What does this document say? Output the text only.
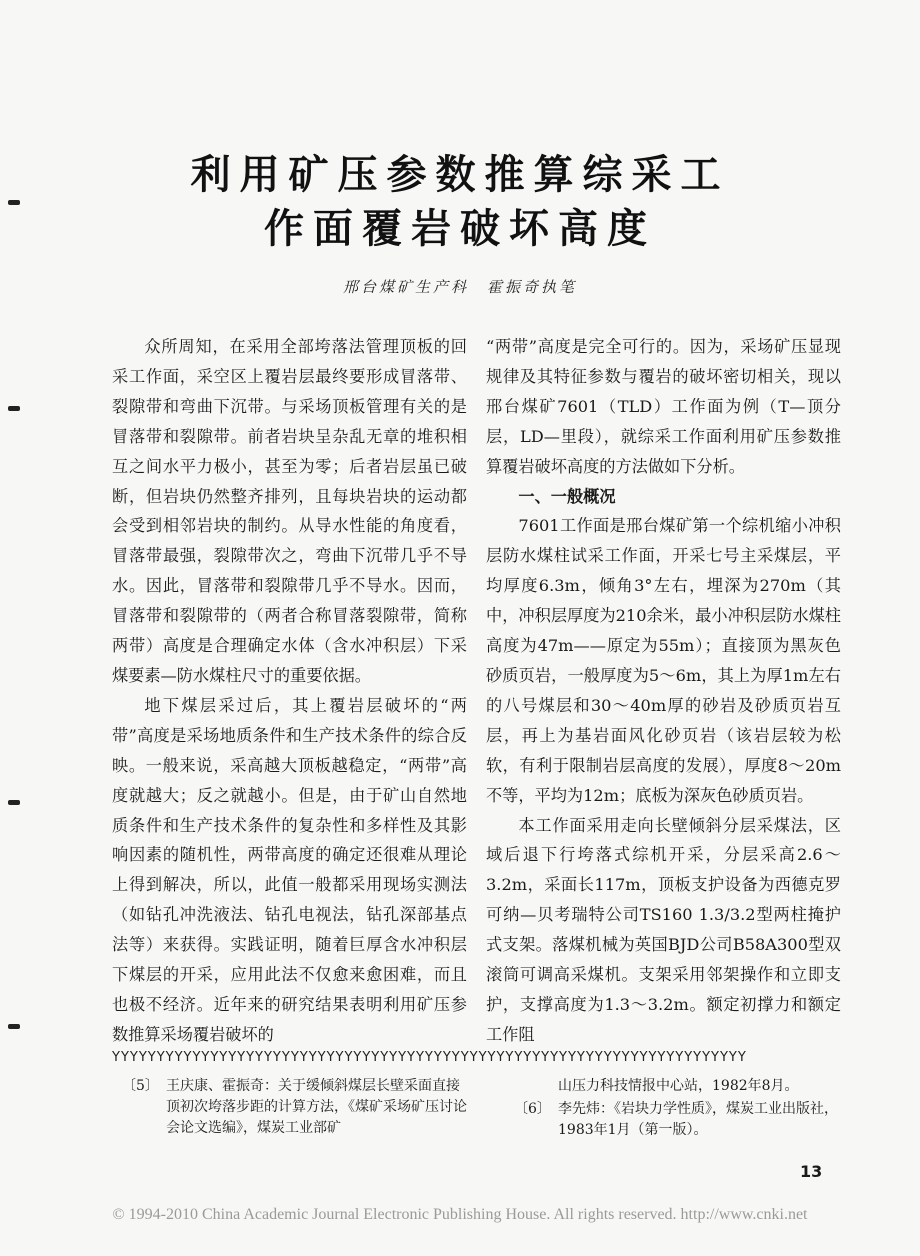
利用矿压参数推算综采工
作面覆岩破坏高度
邢台煤矿生产科　霍振奇执笔

众所周知，在采用全部垮落法管理顶板的回采工作面，采空区上覆岩层最终要形成冒落带、裂隙带和弯曲下沉带。与采场顶板管理有关的是冒落带和裂隙带。前者岩块呈杂乱无章的堆积相互之间水平力极小，甚至为零；后者岩层虽已破断，但岩块仍然整齐排列，且每块岩块的运动都会受到相邻岩块的制约。从导水性能的角度看，冒落带最强，裂隙带次之，弯曲下沉带几乎不导水。因此，冒落带和裂隙带几乎不导水。因而，冒落带和裂隙带的（两者合称冒落裂隙带，简称两带）高度是合理确定水体（含水冲积层）下采煤要素—防水煤柱尺寸的重要依据。

地下煤层采过后，其上覆岩层破坏的“两带”高度是采场地质条件和生产技术条件的综合反映。一般来说，采高越大顶板越稳定，“两带”高度就越大；反之就越小。但是，由于矿山自然地质条件和生产技术条件的复杂性和多样性及其影响因素的随机性，两带高度的确定还很难从理论上得到解决，所以，此值一般都采用现场实测法（如钻孔冲洗液法、钻孔电视法，钻孔深部基点法等）来获得。实践证明，随着巨厚含水冲积层下煤层的开采，应用此法不仅愈来愈困难，而且也极不经济。近年来的研究结果表明利用矿压参数推算采场覆岩破坏的

“两带”高度是完全可行的。因为，采场矿压显现规律及其特征参数与覆岩的破坏密切相关，现以邢台煤矿7601（TLD）工作面为例（T—顶分层，LD—里段），就综采工作面利用矿压参数推算覆岩破坏高度的方法做如下分析。

一、一般概况

7601工作面是邢台煤矿第一个综机缩小冲积层防水煤柱试采工作面，开采七号主采煤层，平均厚度6.3m，倾角3°左右，埋深为270m（其中，冲积层厚度为210余米，最小冲积层防水煤柱高度为47m——原定为55m）；直接顶为黑灰色砂质页岩，一般厚度为5～6m，其上为厚1m左右的八号煤层和30～40m厚的砂岩及砂质页岩互层，再上为基岩面风化砂页岩（该岩层较为松软，有利于限制岩层高度的发展），厚度8～20m不等，平均为12m；底板为深灰色砂质页岩。

本工作面采用走向长壁倾斜分层采煤法，区域后退下行垮落式综机开采，分层采高2.6～3.2m，采面长117m，顶板支护设备为西德克罗可纳—贝考瑞特公司TS160 1.3/3.2型两柱掩护式支架。落煤机械为英国BJD公司B58A300型双滚筒可调高采煤机。支架采用邻架操作和立即支护，支撑高度为1.3～3.2m。额定初撑力和额定工作阻

ΥΥΥΥΥΥΥΥΥΥΥΥΥΥΥΥΥΥΥΥΥΥΥΥΥΥΥΥΥΥΥΥΥΥΥΥΥΥΥΥΥΥΥΥΥΥΥΥΥΥΥΥΥΥΥΥΥΥΥΥΥΥΥΥΥΥΥΥΥΥΥ
〔5〕 王庆康、霍振奇：关于缓倾斜煤层长壁采面直接顶初次垮落步距的计算方法，《煤矿采场矿压讨论会论文选编》，煤炭工业部矿
山压力科技情报中心站，1982年8月。
〔6〕 李先炜：《岩块力学性质》，煤炭工业出版社，1983年1月（第一版）。
13
© 1994-2010 China Academic Journal Electronic Publishing House. All rights reserved. http://www.cnki.net
